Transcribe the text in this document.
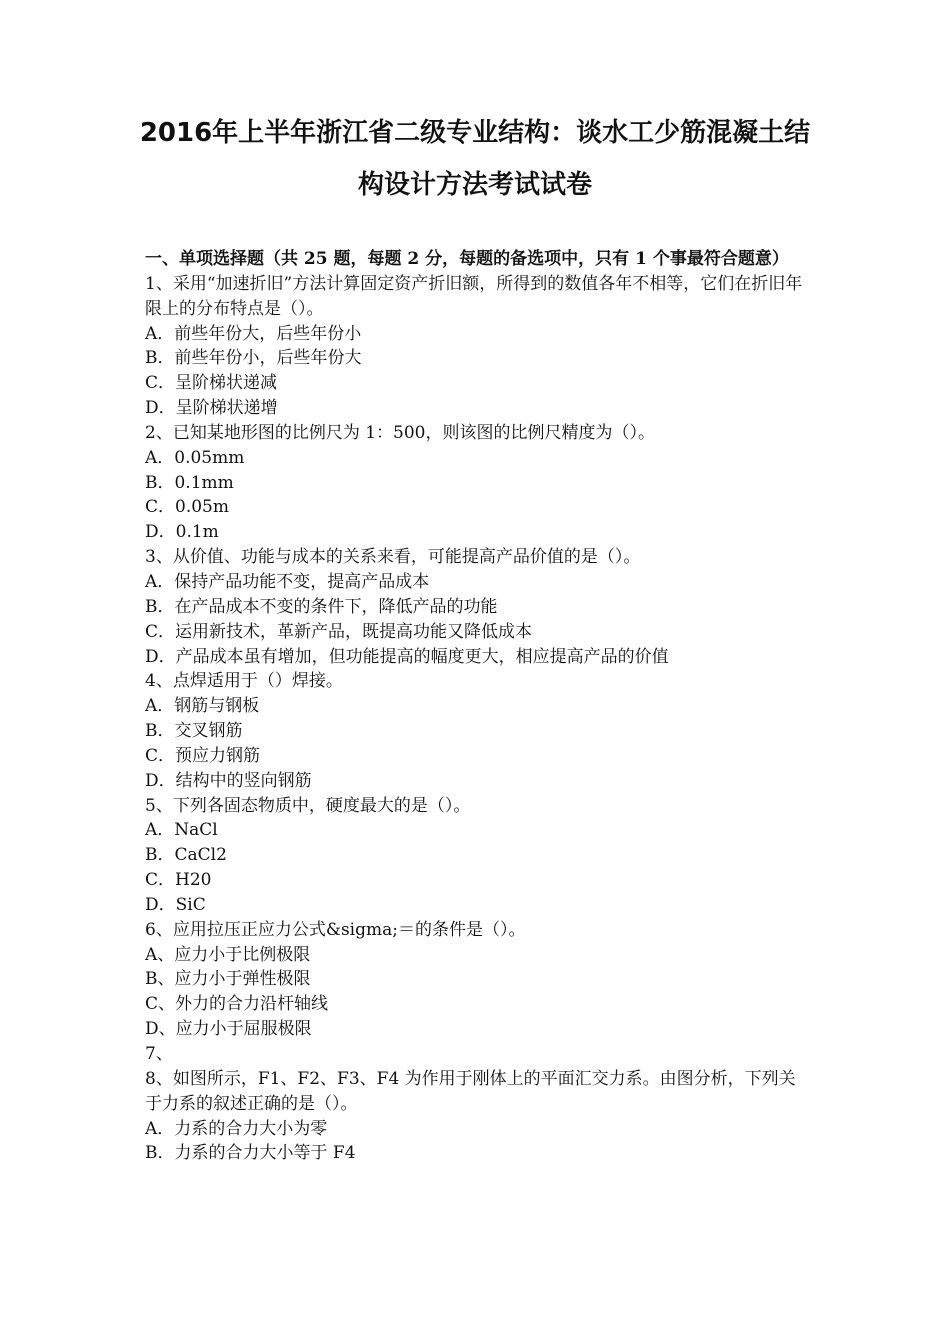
2016年上半年浙江省二级专业结构：谈水工少筋混凝土结
构设计方法考试试卷

一、单项选择题（共 25 题，每题 2 分，每题的备选项中，只有 1 个事最符合题意）

1、采用“加速折旧”方法计算固定资产折旧额，所得到的数值各年不相等，它们在折旧年限上的分布特点是（）。

A．前些年份大，后些年份小

B．前些年份小，后些年份大

C．呈阶梯状递减

D．呈阶梯状递增

2、已知某地形图的比例尺为 1：500，则该图的比例尺精度为（）。

A．0.05mm

B．0.1mm

C．0.05m

D．0.1m

3、从价值、功能与成本的关系来看，可能提高产品价值的是（）。

A．保持产品功能不变，提高产品成本

B．在产品成本不变的条件下，降低产品的功能

C．运用新技术，革新产品，既提高功能又降低成本

D．产品成本虽有增加，但功能提高的幅度更大，相应提高产品的价值

4、点焊适用于（）焊接。

A．钢筋与钢板

B．交叉钢筋

C．预应力钢筋

D．结构中的竖向钢筋

5、下列各固态物质中，硬度最大的是（）。

A．NaCl

B．CaCl2

C．H20

D．SiC

6、应用拉压正应力公式&sigma;＝的条件是（）。

A、应力小于比例极限

B、应力小于弹性极限

C、外力的合力沿杆轴线

D、应力小于屈服极限

7、

8、如图所示，F1、F2、F3、F4 为作用于刚体上的平面汇交力系。由图分析，下列关于力系的叙述正确的是（）。

A．力系的合力大小为零

B．力系的合力大小等于 F4
